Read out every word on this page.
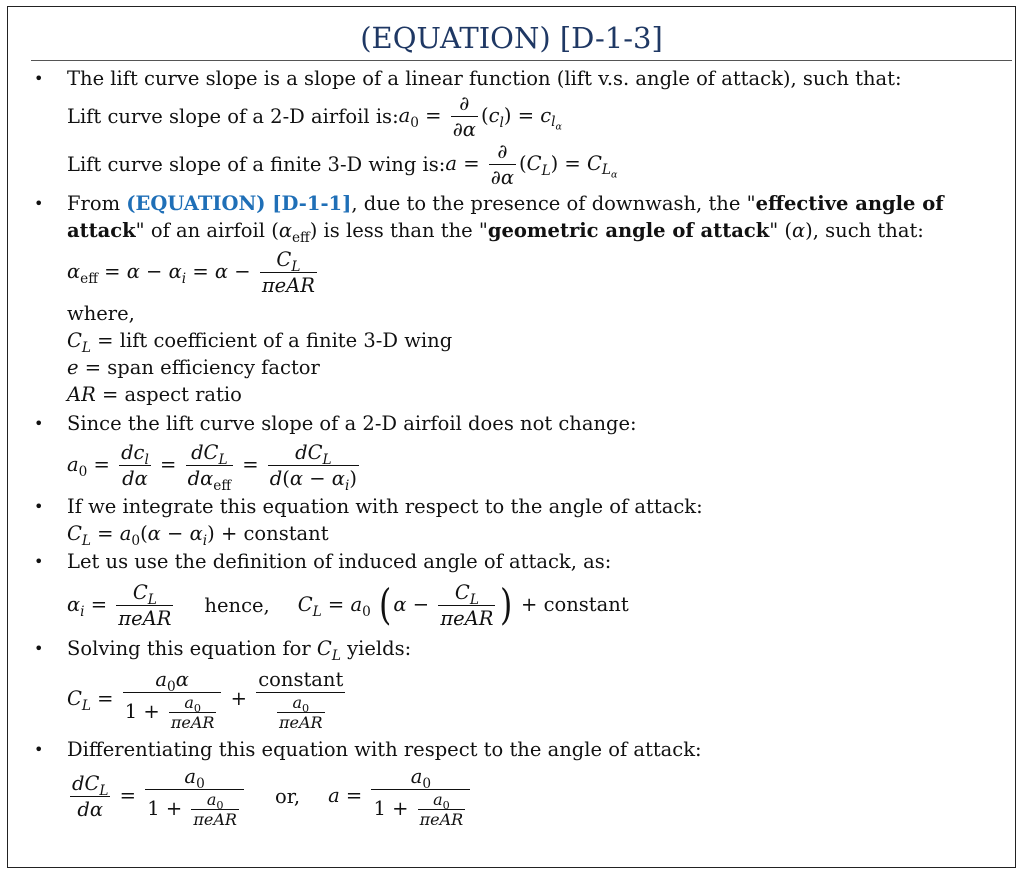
(EQUATION) [D-1-3]
• The lift curve slope is a slope of a linear function (lift v.s. angle of attack), such that:
Lift curve slope of a 2-D airfoil is: $a_0 = \frac{\partial}{\partial\alpha} (c_l) = c_{l_\alpha}$
Lift curve slope of a finite 3-D wing is: $a = \frac{\partial}{\partial\alpha} (C_L) = C_{L_\alpha}$
• From (EQUATION) [D-1-1], due to the presence of downwash, the "effective angle of
attack" of an airfoil $(\alpha_{eff})$ is less than the "geometric angle of attack" (α), such that:
$\alpha_{eff} = \alpha - \alpha_i = \alpha - \frac{C_L}{\text{πeAR}}$
where,
$C_L$ = lift coefficient of a finite 3-D wing
e = span efficiency factor
AR = aspect ratio
• Since the lift curve slope of a 2-D airfoil does not change:
$a_0 = \frac{dc_l}{d\alpha} = \frac{dC_L}{d\alpha_{eff}} = \frac{dC_L}{d(\alpha - \alpha_i)}$
• If we integrate this equation with respect to the angle of attack:
$C_L = a_0(\alpha - \alpha_i)$ + constant
• Let us use the definition of induced angle of attack, as:
$\alpha_i = \frac{C_L}{\text{πeAR}}$ hence, $C_L = a_0$ ( $\alpha - \frac{C_L}{\text{πeAR}}$ ) + constant
• Solving this equation for $C_L$ yields:
$C_L = \frac{a_0\alpha}{1 + \frac{a_0}{\text{πeAR}}} + \frac{\text{constant}}{\frac{a_0}{\text{πeAR}}}$
• Differentiating this equation with respect to the angle of attack:
$\frac{dC_L}{d\alpha} = \frac{a_0}{1 + \frac{a_0}{\text{πeAR}}}$ or, $a = \frac{a_0}{1 + \frac{a_0}{\text{πeAR}}}$
